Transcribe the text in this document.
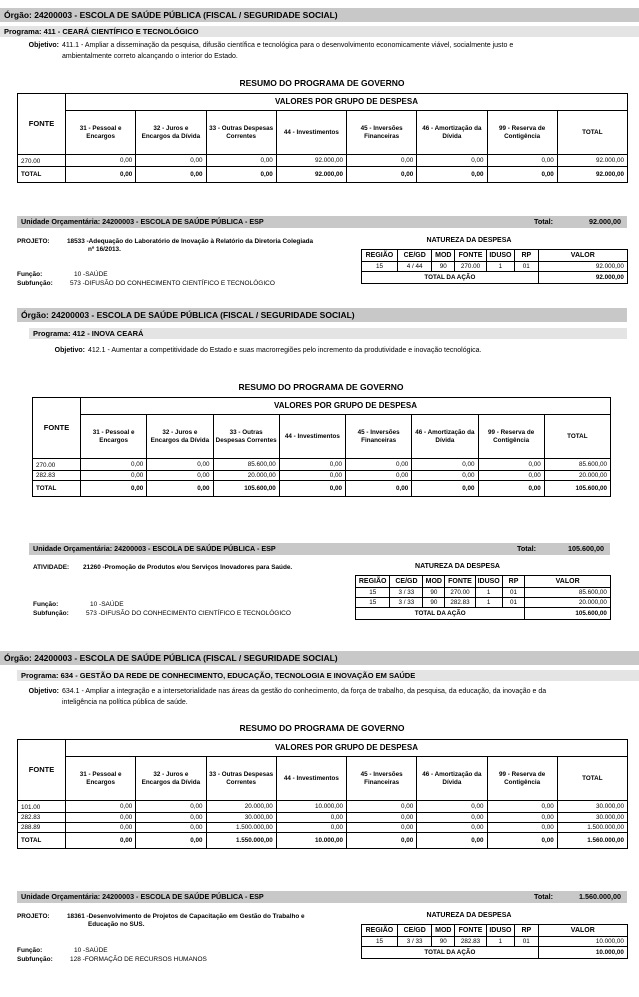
Órgão: 24200003 - ESCOLA DE SAÚDE PÚBLICA (FISCAL / SEGURIDADE SOCIAL)
Programa: 411 - CEARÁ CIENTÍFICO E TECNOLÓGICO
Objetivo: 411.1 - Ampliar a disseminação da pesquisa, difusão científica e tecnológica para o desenvolvimento economicamente viável, socialmente justo e
ambientalmente correto alcançando o interior do Estado.
RESUMO DO PROGRAMA DE GOVERNO
FONTE	VALORES POR GRUPO DE DESPESA							
	31 - Pessoal e Encargos	32 - Juros e Encargos da Dívida	33 - Outras Despesas Correntes	44 - Investimentos	45 - Inversões Financeiras	46 - Amortização da Dívida	99 - Reserva de Contigência	TOTAL
270.00	0,00	0,00	0,00	92.000,00	0,00	0,00	0,00	92.000,00
TOTAL	0,00	0,00	0,00	92.000,00	0,00	0,00	0,00	92.000,00
Unidade Orçamentária: 24200003 - ESCOLA DE SAÚDE PÚBLICA - ESP	Total:	92.000,00
PROJETO:	18533 -Adequação do Laboratório de Inovação à Relatório da Diretoria Colegiada
nº 16/2013.
NATUREZA DA DESPESA
REGIÃO	CE/GD	MOD	FONTE	IDUSO	RP	VALOR
15	4 / 44	90	270.00	1	01	92.000,00
TOTAL DA AÇÃO						92.000,00
Função:	10 -SAÚDE
Subfunção:	573 -DIFUSÃO DO CONHECIMENTO CIENTÍFICO E TECNOLÓGICO
Órgão: 24200003 - ESCOLA DE SAÚDE PÚBLICA (FISCAL / SEGURIDADE SOCIAL)
Programa: 412 - INOVA CEARÁ
Objetivo: 412.1 - Aumentar a competitividade do Estado e suas macrorregiões pelo incremento da produtividade e inovação tecnológica.
RESUMO DO PROGRAMA DE GOVERNO
FONTE	VALORES POR GRUPO DE DESPESA							
	31 - Pessoal e Encargos	32 - Juros e Encargos da Dívida	33 - Outras Despesas Correntes	44 - Investimentos	45 - Inversões Financeiras	46 - Amortização da Dívida	99 - Reserva de Contigência	TOTAL
270.00	0,00	0,00	85.600,00	0,00	0,00	0,00	0,00	85.600,00
282.83	0,00	0,00	20.000,00	0,00	0,00	0,00	0,00	20.000,00
TOTAL	0,00	0,00	105.600,00	0,00	0,00	0,00	0,00	105.600,00
Unidade Orçamentária: 24200003 - ESCOLA DE SAÚDE PÚBLICA - ESP	Total:	105.600,00
ATIVIDADE: 21260 -Promoção de Produtos e/ou Serviços Inovadores para Saúde.	NATUREZA DA DESPESA
REGIÃO	CE/GD	MOD	FONTE	IDUSO	RP	VALOR
15	3 / 33	90	270.00	1	01	85.600,00
15	3 / 33	90	282.83	1	01	20.000,00
TOTAL DA AÇÃO						105.600,00
Função:	10 -SAÚDE
Subfunção:	573 -DIFUSÃO DO CONHECIMENTO CIENTÍFICO E TECNOLÓGICO
Órgão: 24200003 - ESCOLA DE SAÚDE PÚBLICA (FISCAL / SEGURIDADE SOCIAL)
Programa: 634 - GESTÃO DA REDE DE CONHECIMENTO, EDUCAÇÃO, TECNOLOGIA E INOVAÇÃO EM SAÚDE
Objetivo: 634.1 - Ampliar a integração e a intersetorialidade nas áreas da gestão do conhecimento, da força de trabalho, da pesquisa, da educação, da inovação e da
inteligência na política pública de saúde.
RESUMO DO PROGRAMA DE GOVERNO
FONTE	VALORES POR GRUPO DE DESPESA							
	31 - Pessoal e Encargos	32 - Juros e Encargos da Dívida	33 - Outras Despesas Correntes	44 - Investimentos	45 - Inversões Financeiras	46 - Amortização da Dívida	99 - Reserva de Contigência	TOTAL
101.00	0,00	0,00	20.000,00	10.000,00	0,00	0,00	0,00	30.000,00
282.83	0,00	0,00	30.000,00	0,00	0,00	0,00	0,00	30.000,00
288.89	0,00	0,00	1.500.000,00	0,00	0,00	0,00	0,00	1.500.000,00
TOTAL	0,00	0,00	1.550.000,00	10.000,00	0,00	0,00	0,00	1.560.000,00
Unidade Orçamentária: 24200003 - ESCOLA DE SAÚDE PÚBLICA - ESP	Total:	1.560.000,00
PROJETO:	18361 -Desenvolvimento de Projetos de Capacitação em Gestão do Trabalho e
Educação no SUS.
NATUREZA DA DESPESA
REGIÃO	CE/GD	MOD	FONTE	IDUSO	RP	VALOR
15	3 / 33	90	282.83	1	01	10.000,00
TOTAL DA AÇÃO						10.000,00
Função:	10 -SAÚDE
Subfunção:	128 -FORMAÇÃO DE RECURSOS HUMANOS
